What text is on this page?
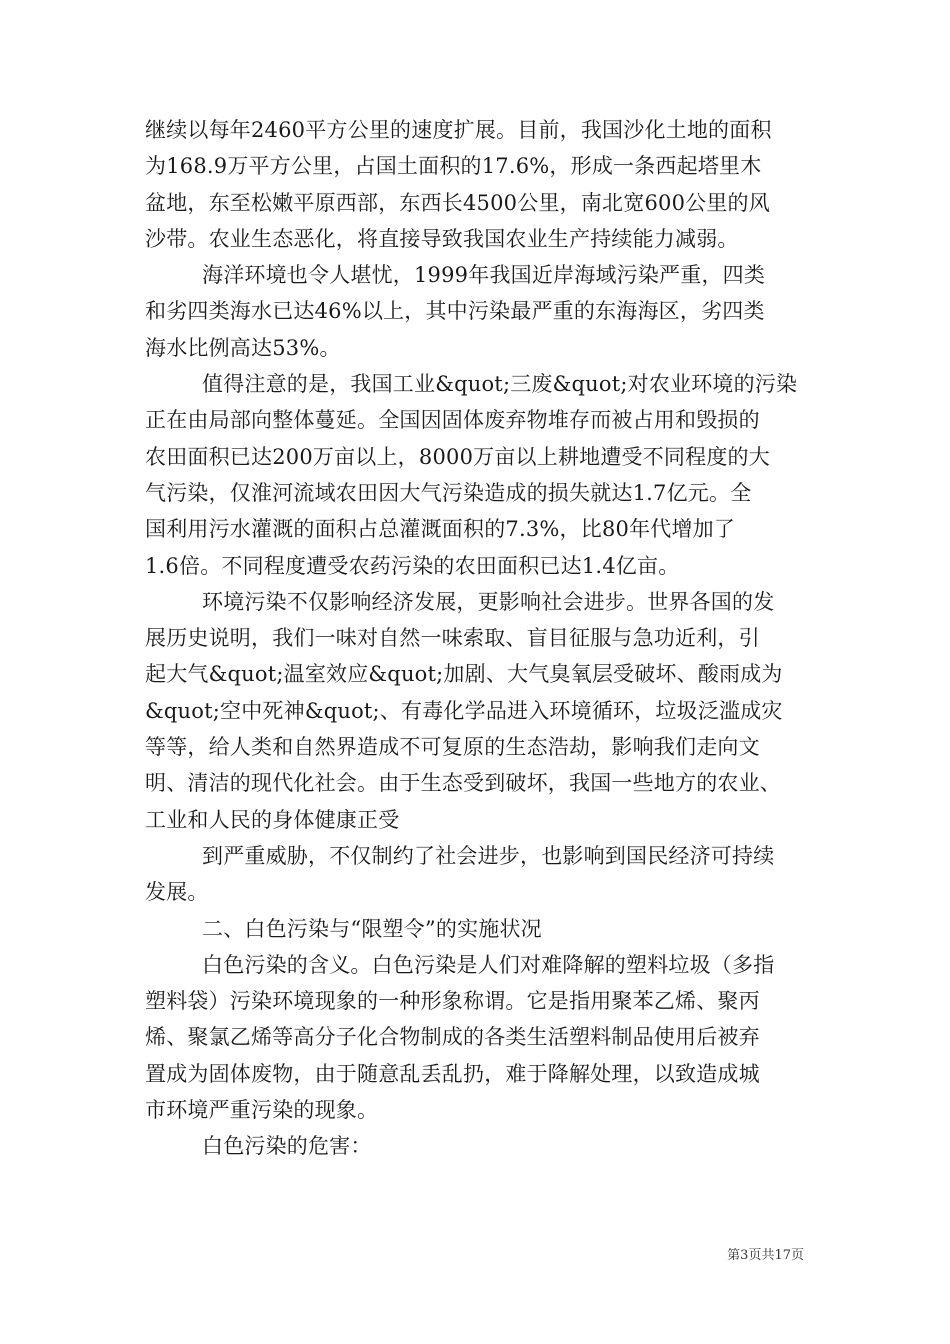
继续以每年2460平方公里的速度扩展。目前，我国沙化土地的面积
为168.9万平方公里，占国土面积的17.6%，形成一条西起塔里木
盆地，东至松嫩平原西部，东西长4500公里，南北宽600公里的风
沙带。农业生态恶化，将直接导致我国农业生产持续能力减弱。
海洋环境也令人堪忧，1999年我国近岸海域污染严重，四类
和劣四类海水已达46%以上，其中污染最严重的东海海区，劣四类
海水比例高达53%。
值得注意的是，我国工业&quot;三废&quot;对农业环境的污染
正在由局部向整体蔓延。全国因固体废弃物堆存而被占用和毁损的
农田面积已达200万亩以上，8000万亩以上耕地遭受不同程度的大
气污染，仅淮河流域农田因大气污染造成的损失就达1.7亿元。全
国利用污水灌溉的面积占总灌溉面积的7.3%，比80年代增加了
1.6倍。不同程度遭受农药污染的农田面积已达1.4亿亩。
环境污染不仅影响经济发展，更影响社会进步。世界各国的发
展历史说明，我们一味对自然一味索取、盲目征服与急功近利，引
起大气&quot;温室效应&quot;加剧、大气臭氧层受破坏、酸雨成为
&quot;空中死神&quot;、有毒化学品进入环境循环，垃圾泛滥成灾
等等，给人类和自然界造成不可复原的生态浩劫，影响我们走向文
明、清洁的现代化社会。由于生态受到破坏，我国一些地方的农业、
工业和人民的身体健康正受
到严重威胁，不仅制约了社会进步，也影响到国民经济可持续
发展。
二、白色污染与“限塑令”的实施状况
白色污染的含义。白色污染是人们对难降解的塑料垃圾（多指
塑料袋）污染环境现象的一种形象称谓。它是指用聚苯乙烯、聚丙
烯、聚氯乙烯等高分子化合物制成的各类生活塑料制品使用后被弃
置成为固体废物，由于随意乱丢乱扔，难于降解处理，以致造成城
市环境严重污染的现象。
白色污染的危害：
第3页共17页
